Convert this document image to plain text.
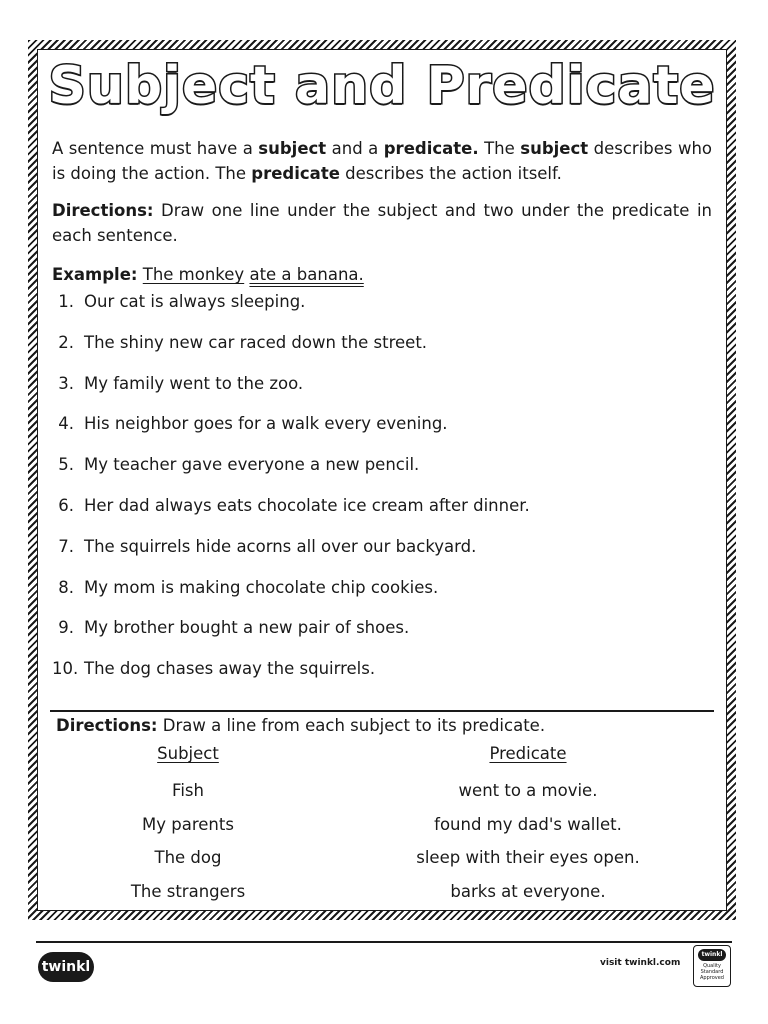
Subject and Predicate
A sentence must have a subject and a predicate. The subject describes who is doing the action. The predicate describes the action itself.
Directions: Draw one line under the subject and two under the predicate in each sentence.
Example: The monkey ate a banana.
1. Our cat is always sleeping.
2. The shiny new car raced down the street.
3. My family went to the zoo.
4. His neighbor goes for a walk every evening.
5. My teacher gave everyone a new pencil.
6. Her dad always eats chocolate ice cream after dinner.
7. The squirrels hide acorns all over our backyard.
8. My mom is making chocolate chip cookies.
9. My brother bought a new pair of shoes.
10. The dog chases away the squirrels.
Directions: Draw a line from each subject to its predicate.
Subject
Fish
My parents
The dog
The strangers
Predicate
went to a movie.
found my dad's wallet.
sleep with their eyes open.
barks at everyone.
twinkl	visit twinkl.com
twinkl
Quality Standard Approved
